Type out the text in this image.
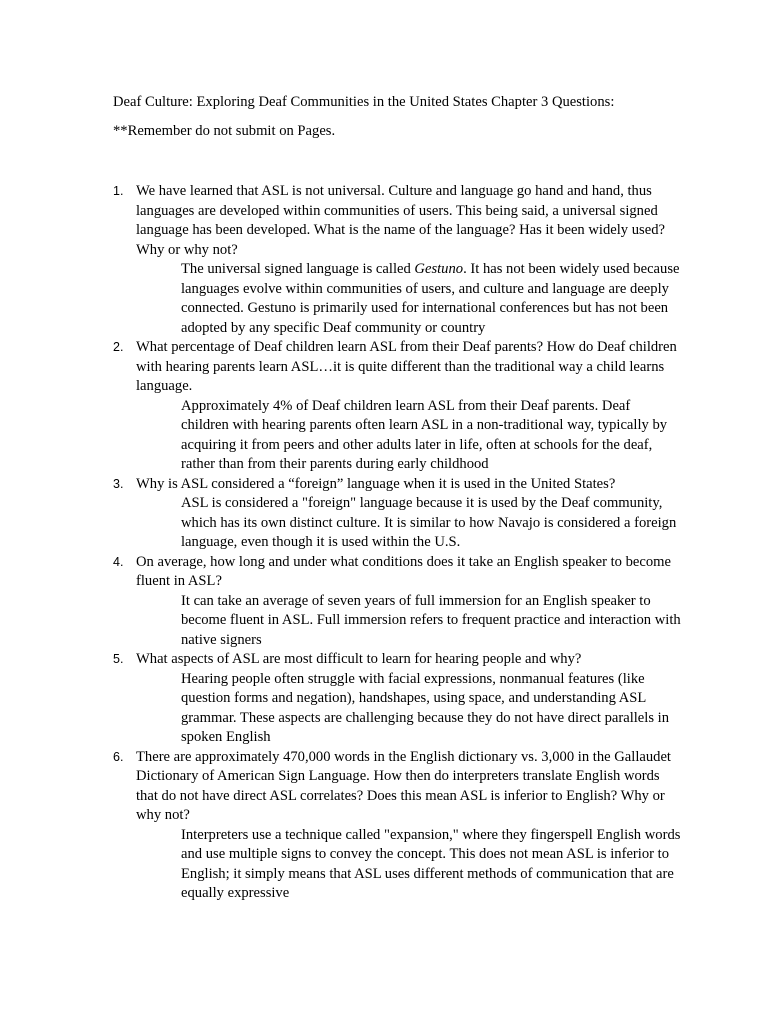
Deaf Culture: Exploring Deaf Communities in the United States Chapter 3 Questions:
**Remember do not submit on Pages.
1. We have learned that ASL is not universal. Culture and language go hand and hand, thus languages are developed within communities of users. This being said, a universal signed language has been developed. What is the name of the language? Has it been widely used? Why or why not?
The universal signed language is called Gestuno. It has not been widely used because languages evolve within communities of users, and culture and language are deeply connected. Gestuno is primarily used for international conferences but has not been adopted by any specific Deaf community or country
2. What percentage of Deaf children learn ASL from their Deaf parents? How do Deaf children with hearing parents learn ASL…it is quite different than the traditional way a child learns language.
Approximately 4% of Deaf children learn ASL from their Deaf parents. Deaf children with hearing parents often learn ASL in a non-traditional way, typically by acquiring it from peers and other adults later in life, often at schools for the deaf, rather than from their parents during early childhood
3. Why is ASL considered a “foreign” language when it is used in the United States?
ASL is considered a "foreign" language because it is used by the Deaf community, which has its own distinct culture. It is similar to how Navajo is considered a foreign language, even though it is used within the U.S.
4. On average, how long and under what conditions does it take an English speaker to become fluent in ASL?
It can take an average of seven years of full immersion for an English speaker to become fluent in ASL. Full immersion refers to frequent practice and interaction with native signers
5. What aspects of ASL are most difficult to learn for hearing people and why?
Hearing people often struggle with facial expressions, nonmanual features (like question forms and negation), handshapes, using space, and understanding ASL grammar. These aspects are challenging because they do not have direct parallels in spoken English
6. There are approximately 470,000 words in the English dictionary vs. 3,000 in the Gallaudet Dictionary of American Sign Language. How then do interpreters translate English words that do not have direct ASL correlates? Does this mean ASL is inferior to English? Why or why not?
Interpreters use a technique called "expansion," where they fingerspell English words and use multiple signs to convey the concept. This does not mean ASL is inferior to English; it simply means that ASL uses different methods of communication that are equally expressive
